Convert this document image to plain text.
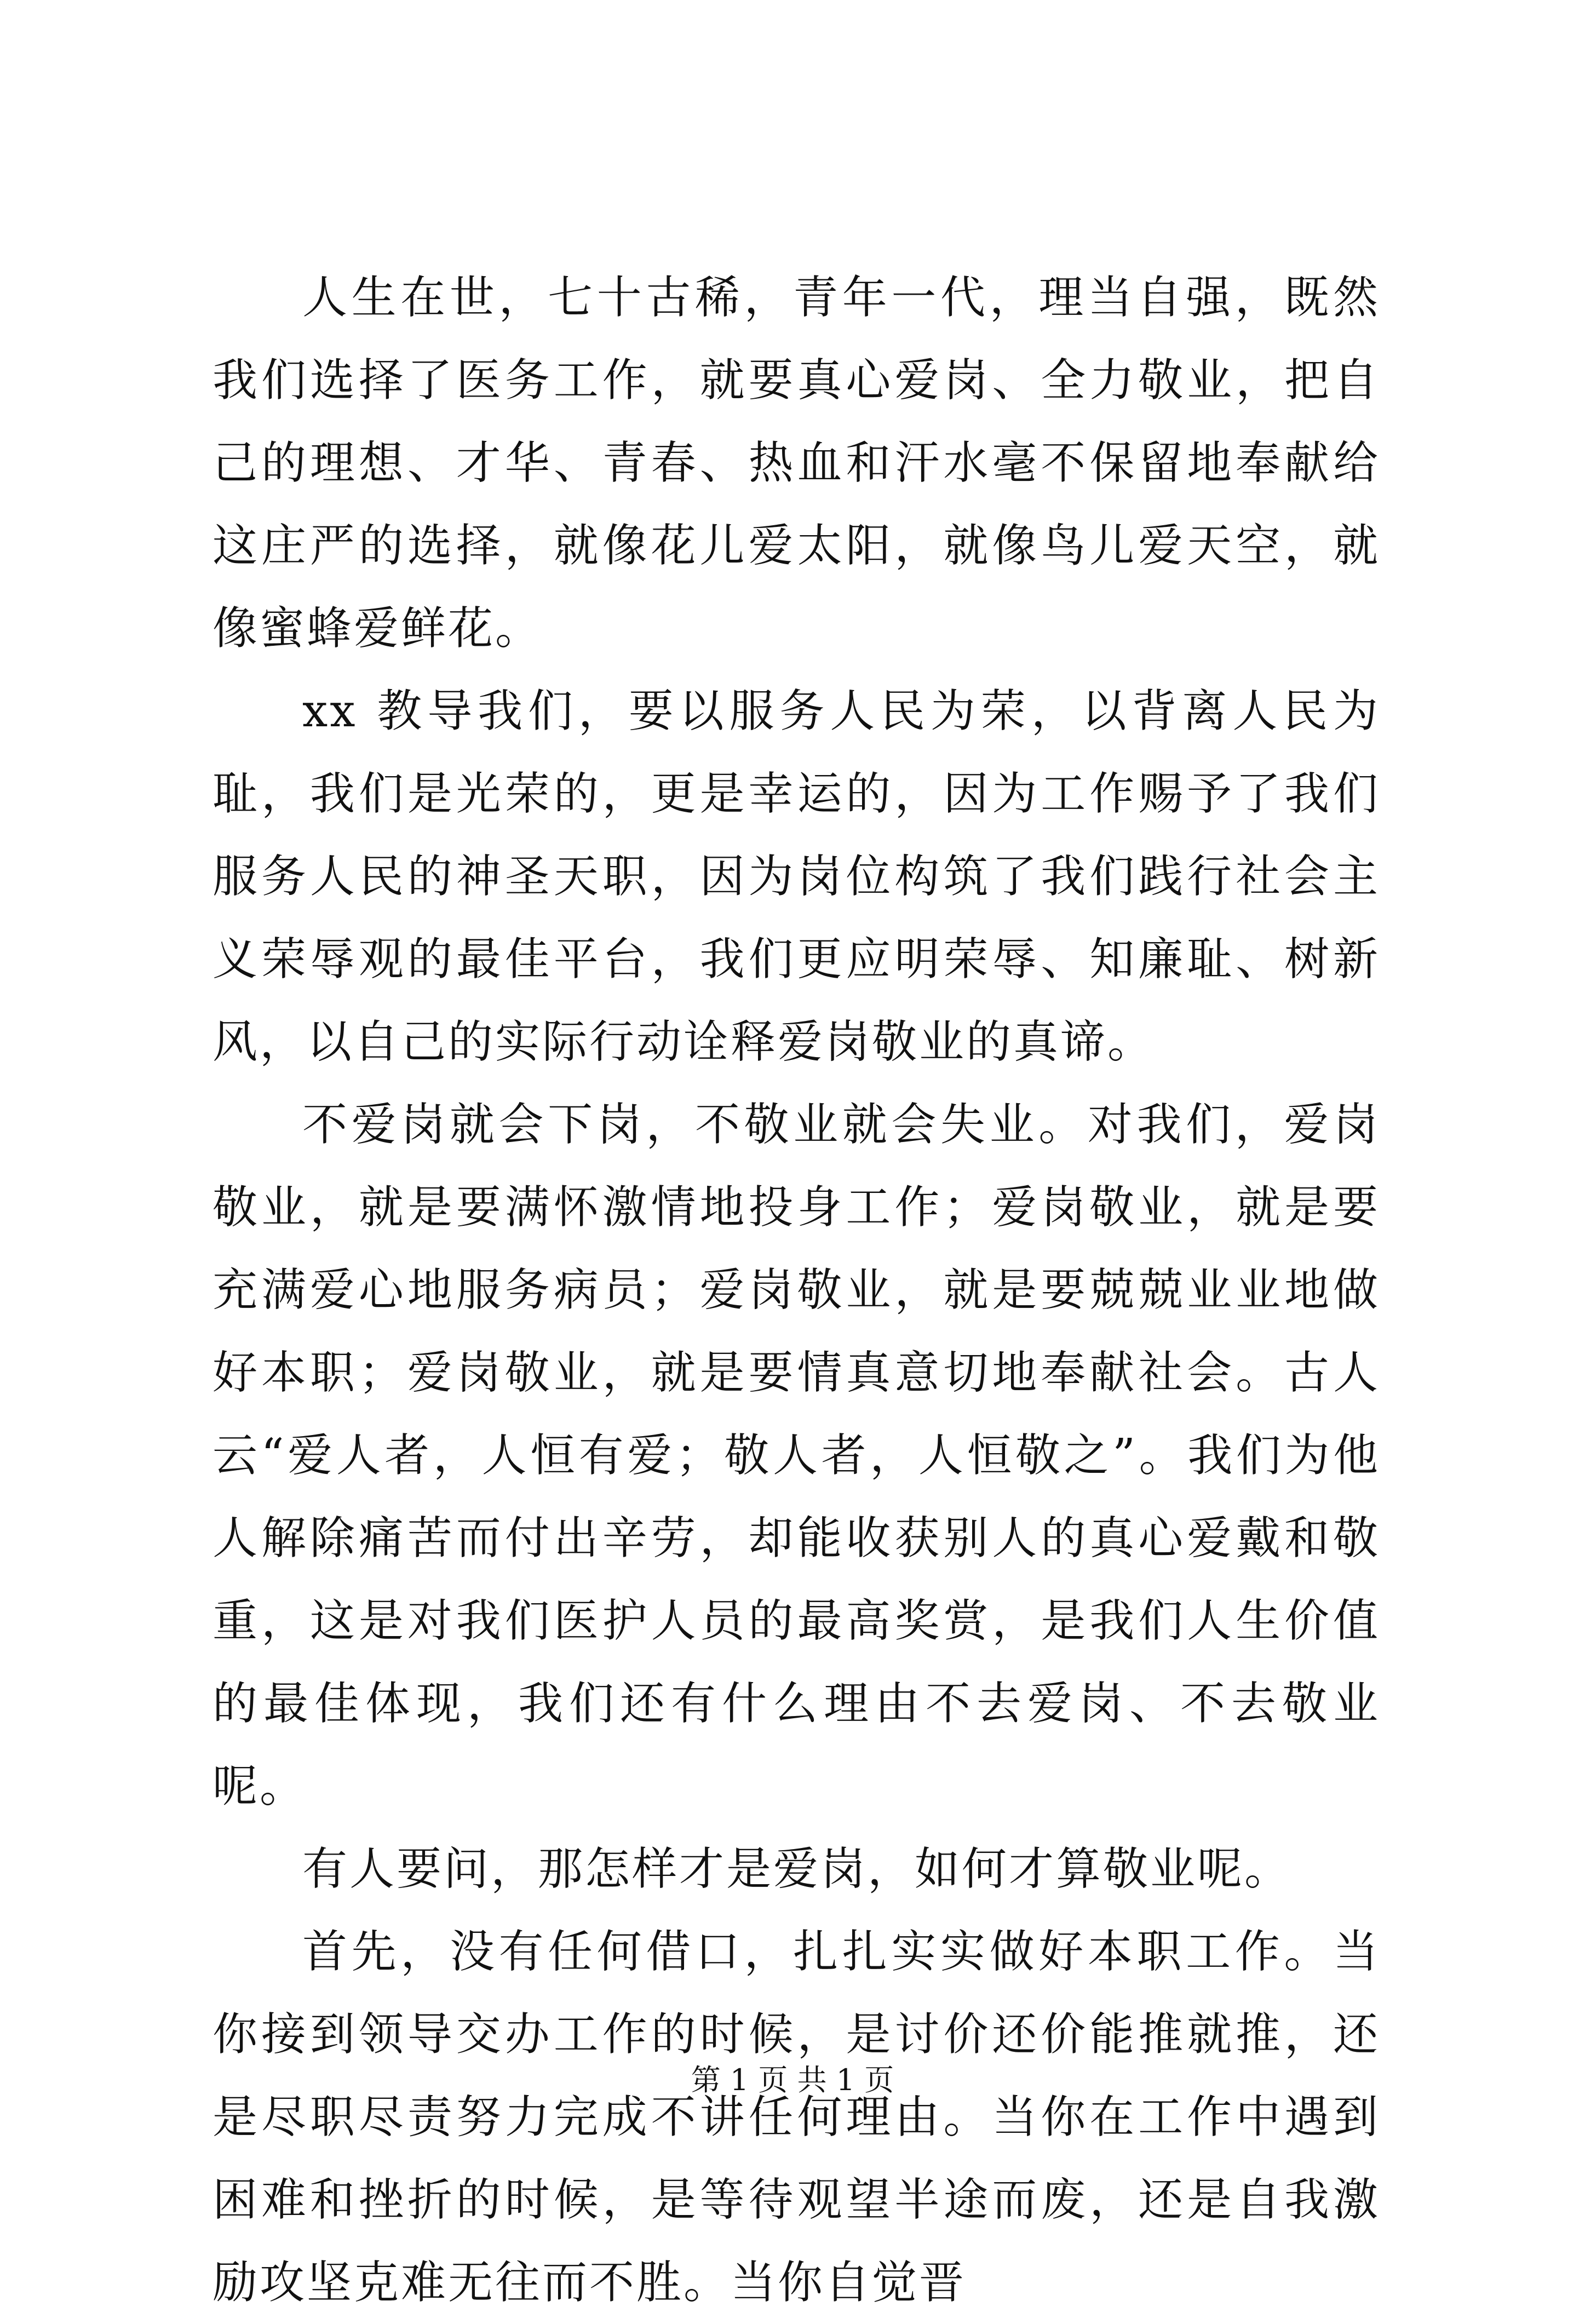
人生在世，七十古稀，青年一代，理当自强，既然我们选择了医务工作，就要真心爱岗、全力敬业，把自己的理想、才华、青春、热血和汗水毫不保留地奉献给这庄严的选择，就像花儿爱太阳，就像鸟儿爱天空，就像蜜蜂爱鲜花。

xx 教导我们，要以服务人民为荣，以背离人民为耻，我们是光荣的，更是幸运的，因为工作赐予了我们服务人民的神圣天职，因为岗位构筑了我们践行社会主义荣辱观的最佳平台，我们更应明荣辱、知廉耻、树新风，以自己的实际行动诠释爱岗敬业的真谛。

不爱岗就会下岗，不敬业就会失业。对我们，爱岗敬业，就是要满怀激情地投身工作；爱岗敬业，就是要充满爱心地服务病员；爱岗敬业，就是要兢兢业业地做好本职；爱岗敬业，就是要情真意切地奉献社会。古人云“爱人者，人恒有爱；敬人者，人恒敬之”。我们为他人解除痛苦而付出辛劳，却能收获别人的真心爱戴和敬重，这是对我们医护人员的最高奖赏，是我们人生价值的最佳体现，我们还有什么理由不去爱岗、不去敬业呢。

有人要问，那怎样才是爱岗，如何才算敬业呢。

首先，没有任何借口，扎扎实实做好本职工作。当你接到领导交办工作的时候，是讨价还价能推就推，还是尽职尽责努力完成不讲任何理由。当你在工作中遇到困难和挫折的时候，是等待观望半途而废，还是自我激励攻坚克难无往而不胜。当你自觉晋

第 1 页 共 1 页
